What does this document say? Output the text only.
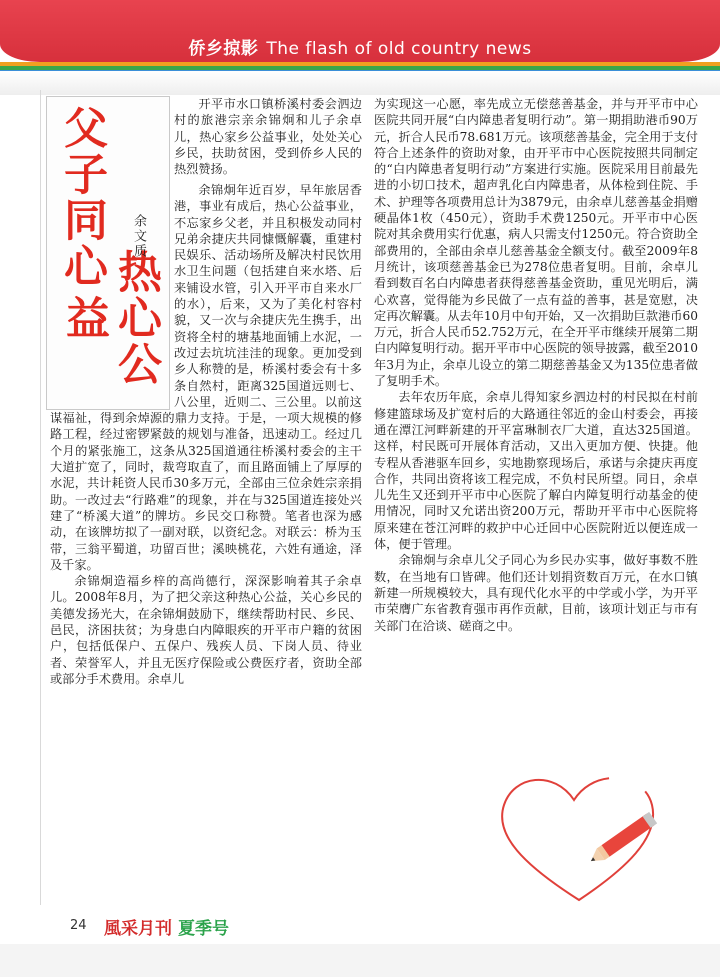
侨乡掠影 The flash of old country news
父子同心
热心公益
余文质

开平市水口镇桥溪村委会泗边村的旅港宗亲余锦炯和儿子余卓儿，热心家乡公益事业，处处关心乡民，扶助贫困，受到侨乡人民的热烈赞扬。

余锦炯年近百岁，早年旅居香港，事业有成后，热心公益事业，不忘家乡父老，并且积极发动同村兄弟余捷庆共同慷慨解囊，重建村民娱乐、活动场所及解决村民饮用水卫生问题（包括建自来水塔、后来铺设水管，引入开平市自来水厂的水），后来，又为了美化村容村貌，又一次与余捷庆先生携手，出资将全村的塘基地面铺上水泥，一改过去坑坑洼洼的现象。更加受到乡人称赞的是，桥溪村委会有十多条自然村，距离325国道远则七、八公里，近则二、三公里。以前这

谋福祉，得到余焯源的鼎力支持。于是，一项大规模的修路工程，经过密锣紧鼓的规划与准备，迅速动工。经过几个月的紧张施工，这条从325国道通往桥溪村委会的主干大道扩宽了，同时，裁弯取直了，而且路面铺上了厚厚的水泥，共计耗资人民币30多万元，全部由三位余姓宗亲捐助。一改过去“行路难”的现象，并在与325国道连接处兴建了“桥溪大道”的牌坊。乡民交口称赞。笔者也深为感动，在该牌坊拟了一副对联，以资纪念。对联云：桥为玉带，三翁平蜀道，功留百世；溪映桃花，六姓有通途，泽及千家。

余锦炯造福乡梓的高尚德行，深深影响着其子余卓儿。2008年8月，为了把父亲这种热心公益，关心乡民的美德发扬光大，在余锦炯鼓励下，继续帮助村民、乡民、邑民，济困扶贫；为身患白内障眼疾的开平市户籍的贫困户，包括低保户、五保户、残疾人员、下岗人员、待业者、荣誉军人，并且无医疗保险或公费医疗者，资助全部或部分手术费用。余卓儿

为实现这一心愿，率先成立无偿慈善基金，并与开平市中心医院共同开展“白内障患者复明行动”。第一期捐助港币90万元，折合人民币78.681万元。该项慈善基金，完全用于支付符合上述条件的资助对象，由开平市中心医院按照共同制定的“白内障患者复明行动”方案进行实施。医院采用目前最先进的小切口技术，超声乳化白内障患者，从体检到住院、手术、护理等各项费用总计为3879元，由余卓儿慈善基金捐赠硬晶体1枚（450元），资助手术费1250元。开平市中心医院对其余费用实行优惠，病人只需支付1250元。符合资助全部费用的，全部由余卓儿慈善基金全额支付。截至2009年8月统计，该项慈善基金已为278位患者复明。目前，余卓儿看到数百名白内障患者获得慈善基金资助，重见光明后，满心欢喜，觉得能为乡民做了一点有益的善事，甚是宽慰，决定再次解囊。从去年10月中旬开始，又一次捐助巨款港币60万元，折合人民币52.752万元，在全开平市继续开展第二期白内障复明行动。据开平市中心医院的领导披露，截至2010年3月为止，余卓儿设立的第二期慈善基金又为135位患者做了复明手术。

去年农历年底，余卓儿得知家乡泗边村的村民拟在村前修建篮球场及扩宽村后的大路通往邻近的金山村委会，再接通在潭江河畔新建的开平富琳制衣厂大道，直达325国道。这样，村民既可开展体育活动，又出入更加方便、快捷。他专程从香港驱车回乡，实地勘察现场后，承诺与余捷庆再度合作，共同出资将该工程完成，不负村民所望。同日，余卓儿先生又还到开平市中心医院了解白内障复明行动基金的使用情况，同时又允诺出资200万元，帮助开平市中心医院将原来建在苍江河畔的救护中心迁回中心医院附近以便连成一体，便于管理。

余锦炯与余卓儿父子同心为乡民办实事，做好事数不胜数，在当地有口皆碑。他们还计划捐资数百万元，在水口镇新建一所规模较大，具有现代化水平的中学或小学，为开平市荣膺广东省教育强市再作贡献，目前，该项计划正与市有关部门在洽谈、磋商之中。

24 風采月刊 夏季号
